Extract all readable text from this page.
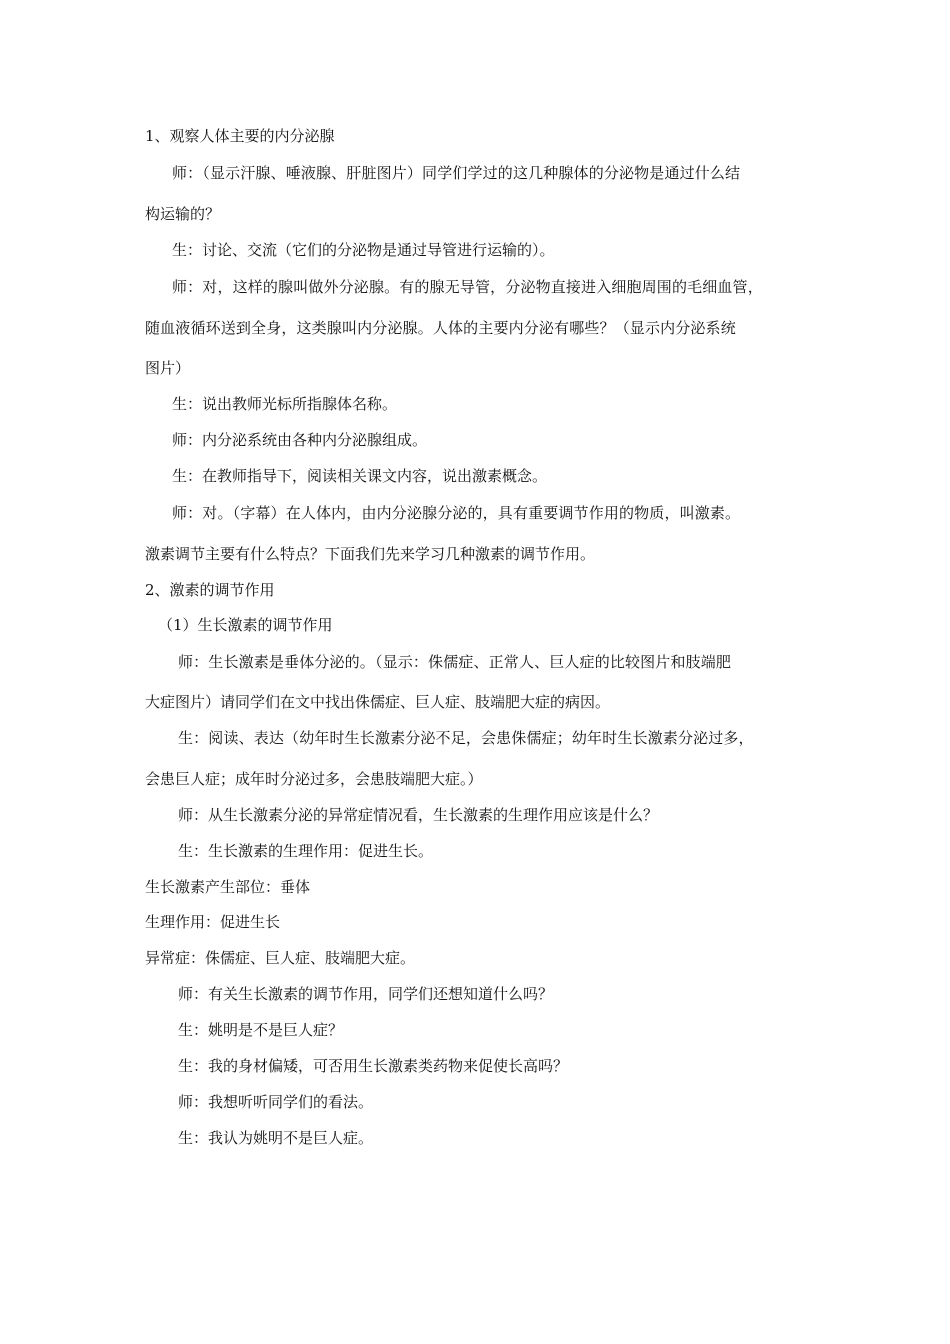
1、观察人体主要的内分泌腺
师：（显示汗腺、唾液腺、肝脏图片）同学们学过的这几种腺体的分泌物是通过什么结
构运输的？
生：讨论、交流（它们的分泌物是通过导管进行运输的）。
师：对，这样的腺叫做外分泌腺。有的腺无导管，分泌物直接进入细胞周围的毛细血管，
随血液循环送到全身，这类腺叫内分泌腺。人体的主要内分泌有哪些？（显示内分泌系统
图片）
生：说出教师光标所指腺体名称。
师：内分泌系统由各种内分泌腺组成。
生：在教师指导下，阅读相关课文内容，说出激素概念。
师：对。（字幕）在人体内，由内分泌腺分泌的，具有重要调节作用的物质，叫激素。
激素调节主要有什么特点？下面我们先来学习几种激素的调节作用。
2、激素的调节作用
（1）生长激素的调节作用
师：生长激素是垂体分泌的。（显示：侏儒症、正常人、巨人症的比较图片和肢端肥
大症图片）请同学们在文中找出侏儒症、巨人症、肢端肥大症的病因。
生：阅读、表达（幼年时生长激素分泌不足，会患侏儒症；幼年时生长激素分泌过多，
会患巨人症；成年时分泌过多，会患肢端肥大症。）
师：从生长激素分泌的异常症情况看，生长激素的生理作用应该是什么？
生：生长激素的生理作用：促进生长。
生长激素产生部位：垂体
生理作用：促进生长
异常症：侏儒症、巨人症、肢端肥大症。
师：有关生长激素的调节作用，同学们还想知道什么吗？
生：姚明是不是巨人症？
生：我的身材偏矮，可否用生长激素类药物来促使长高吗？
师：我想听听同学们的看法。
生：我认为姚明不是巨人症。
